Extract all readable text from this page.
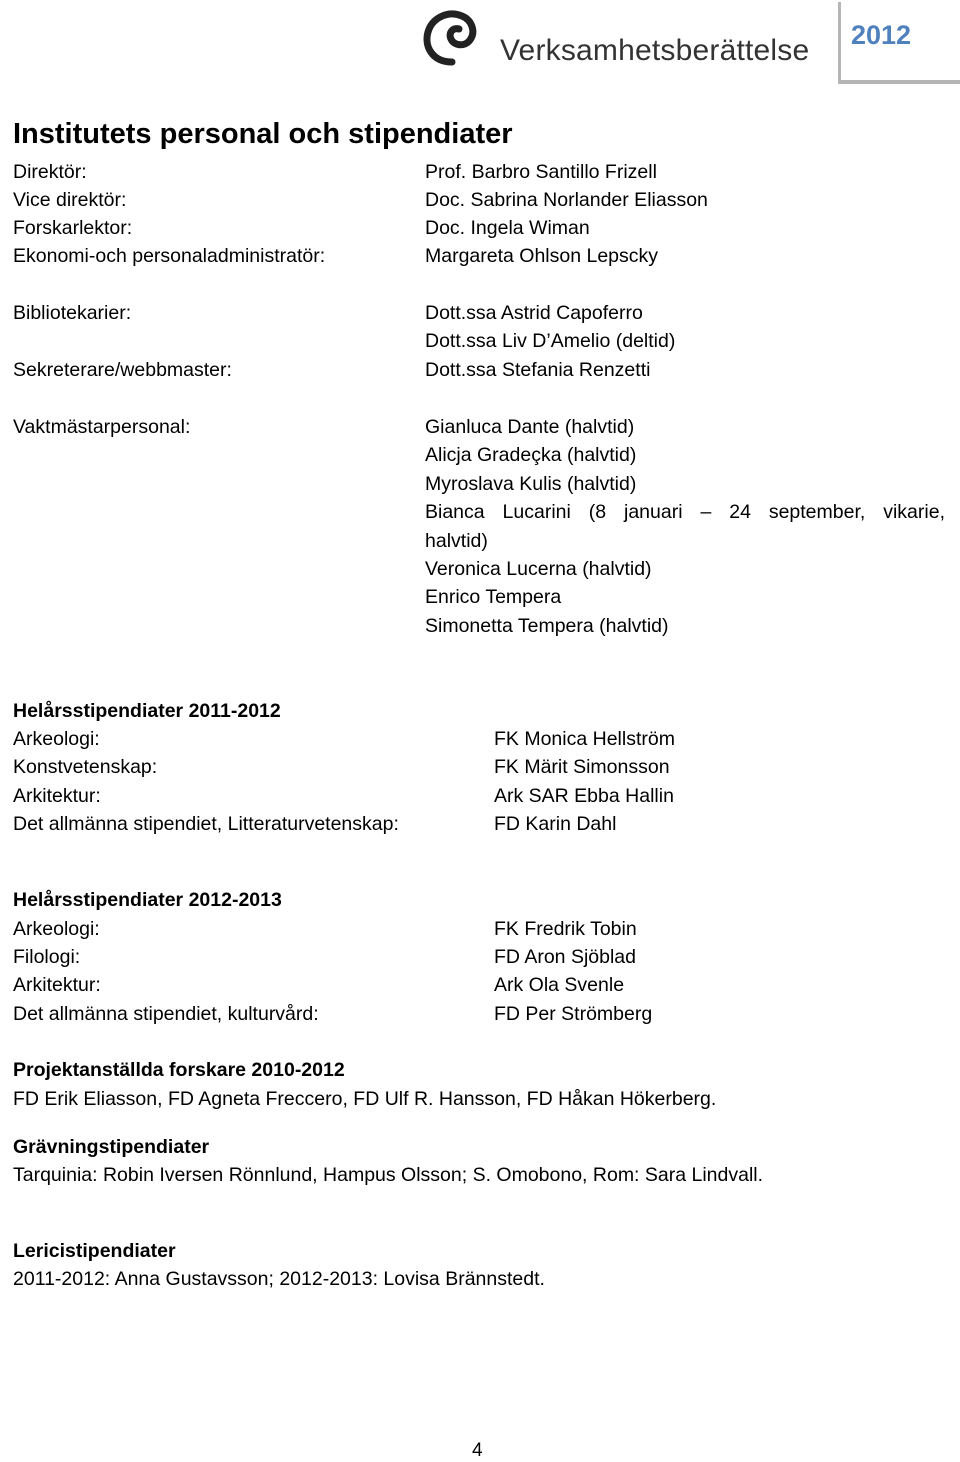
Verksamhetsberättelse 2012
Institutets personal och stipendiater
Direktör:
Vice direktör:
Forskarlektor:
Ekonomi-och personaladministratör:
Bibliotekarier:
Sekreterare/webbmaster:
Vaktmästarpersonal:
Prof. Barbro Santillo Frizell
Doc. Sabrina Norlander Eliasson
Doc. Ingela Wiman
Margareta Ohlson Lepscky
Dott.ssa Astrid Capoferro
Dott.ssa Liv D’Amelio (deltid)
Dott.ssa Stefania Renzetti
Gianluca Dante (halvtid)
Alicja Gradeçka (halvtid)
Myroslava Kulis (halvtid)
Bianca Lucarini (8 januari – 24 september, vikarie,
halvtid)
Veronica Lucerna (halvtid)
Enrico Tempera
Simonetta Tempera (halvtid)
Helårsstipendiater 2011-2012
Arkeologi:
Konstvetenskap:
Arkitektur:
Det allmänna stipendiet, Litteraturvetenskap:
FK Monica Hellström
FK Märit Simonsson
Ark SAR Ebba Hallin
FD Karin Dahl
Helårsstipendiater 2012-2013
Arkeologi:
Filologi:
Arkitektur:
Det allmänna stipendiet, kulturvård:
FK Fredrik Tobin
FD Aron Sjöblad
Ark Ola Svenle
FD Per Strömberg
Projektanställda forskare 2010-2012
FD Erik Eliasson, FD Agneta Freccero, FD Ulf R. Hansson, FD Håkan Hökerberg.
Grävningstipendiater
Tarquinia: Robin Iversen Rönnlund, Hampus Olsson; S. Omobono, Rom: Sara Lindvall.
Lericistipendiater
2011-2012: Anna Gustavsson; 2012-2013: Lovisa Brännstedt.
4
